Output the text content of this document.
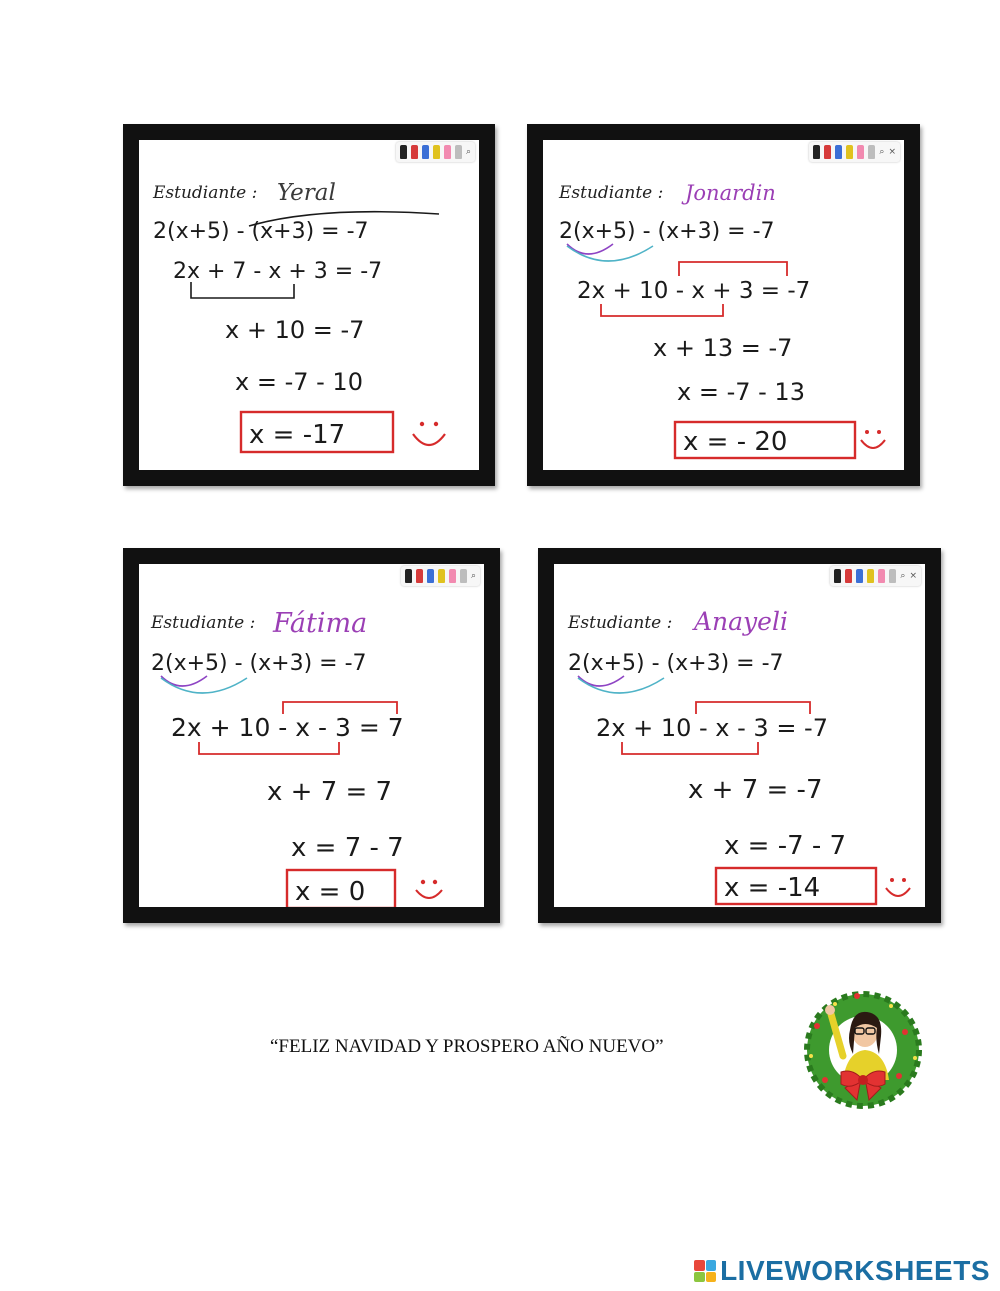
⌕
Estudiante : Yeral
2(x+5) - (x+3) = -7
2x + 7 - x + 3 = -7
x + 10 = -7
x = -7 - 10
x = -17
⌕ ×
Estudiante : Jonardin
2(x+5) - (x+3) = -7
2x + 10 - x + 3 = -7
x + 13 = -7
x = -7 - 13
x = - 20
⌕
Estudiante : Fátima
2(x+5) - (x+3) = -7
2x + 10 - x - 3 = 7
x + 7 = 7
x = 7 - 7
x = 0
⌕ ×
Estudiante : Anayeli
2(x+5) - (x+3) = -7
2x + 10 - x - 3 = -7
x + 7 = -7
x = -7 - 7
x = -14
“FELIZ NAVIDAD Y PROSPERO AÑO NUEVO”
LIVEWORKSHEETS
